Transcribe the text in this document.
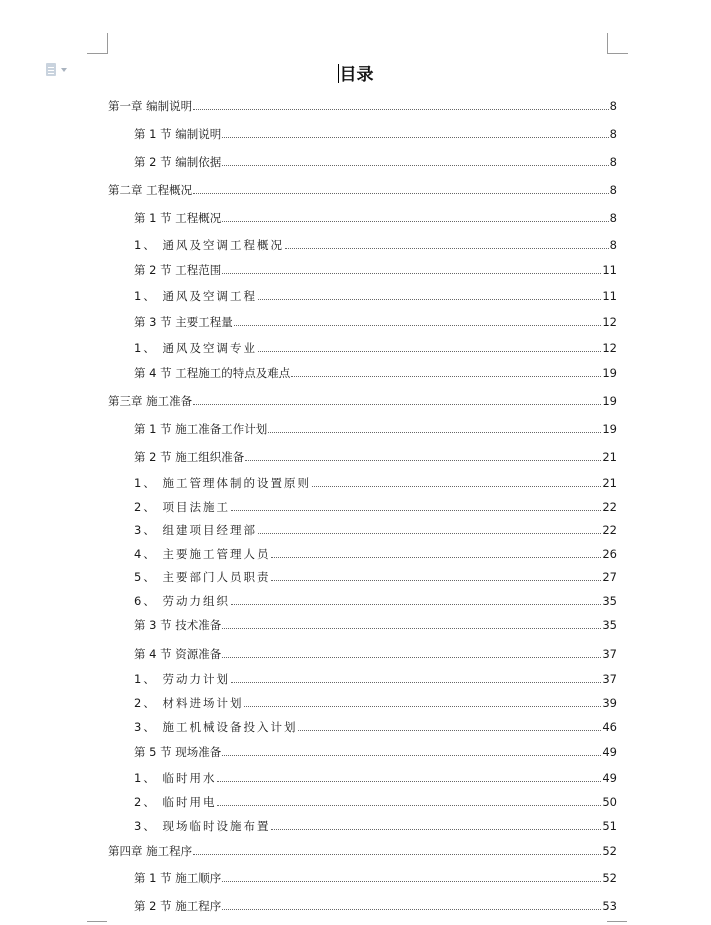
目录
第一章 编制说明	8
第 1 节 编制说明	8
第 2 节 编制依据	8
第二章 工程概况	8
第 1 节 工程概况	8
1、 通风及空调工程概况	8
第 2 节 工程范围	11
1、 通风及空调工程	11
第 3 节 主要工程量	12
1、 通风及空调专业	12
第 4 节 工程施工的特点及难点	19
第三章 施工准备	19
第 1 节 施工准备工作计划	19
第 2 节 施工组织准备	21
1、 施工管理体制的设置原则	21
2、 项目法施工	22
3、 组建项目经理部	22
4、 主要施工管理人员	26
5、 主要部门人员职责	27
6、 劳动力组织	35
第 3 节 技术准备	35
第 4 节 资源准备	37
1、 劳动力计划	37
2、 材料进场计划	39
3、 施工机械设备投入计划	46
第 5 节 现场准备	49
1、 临时用水	49
2、 临时用电	50
3、 现场临时设施布置	51
第四章 施工程序	52
第 1 节 施工顺序	52
第 2 节 施工程序	53
